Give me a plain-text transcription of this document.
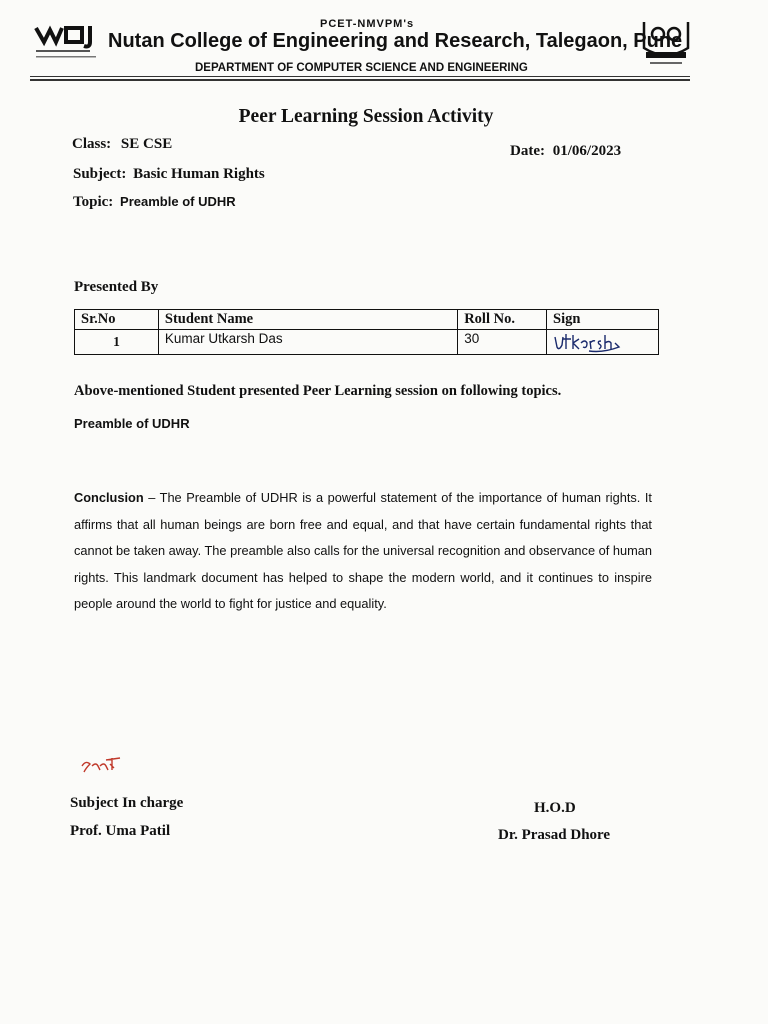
PCET-NMVPM's
Nutan College of Engineering and Research, Talegaon, Pune
DEPARTMENT OF COMPUTER SCIENCE AND ENGINEERING
Peer Learning Session Activity
Class: SE CSE	Date: 01/06/2023
Subject: Basic Human Rights
Topic: Preamble of UDHR
Presented By
Sr.No	Student Name	Roll No.	Sign
1	Kumar Utkarsh Das	30	
Above-mentioned Student presented Peer Learning session on following topics.
Preamble of UDHR
Conclusion – The Preamble of UDHR is a powerful statement of the importance of human rights. It affirms that all human beings are born free and equal, and that have certain fundamental rights that cannot be taken away. The preamble also calls for the universal recognition and observance of human rights. This landmark document has helped to shape the modern world, and it continues to inspire people around the world to fight for justice and equality.
Subject In charge
Prof. Uma Patil
H.O.D
Dr. Prasad Dhore
